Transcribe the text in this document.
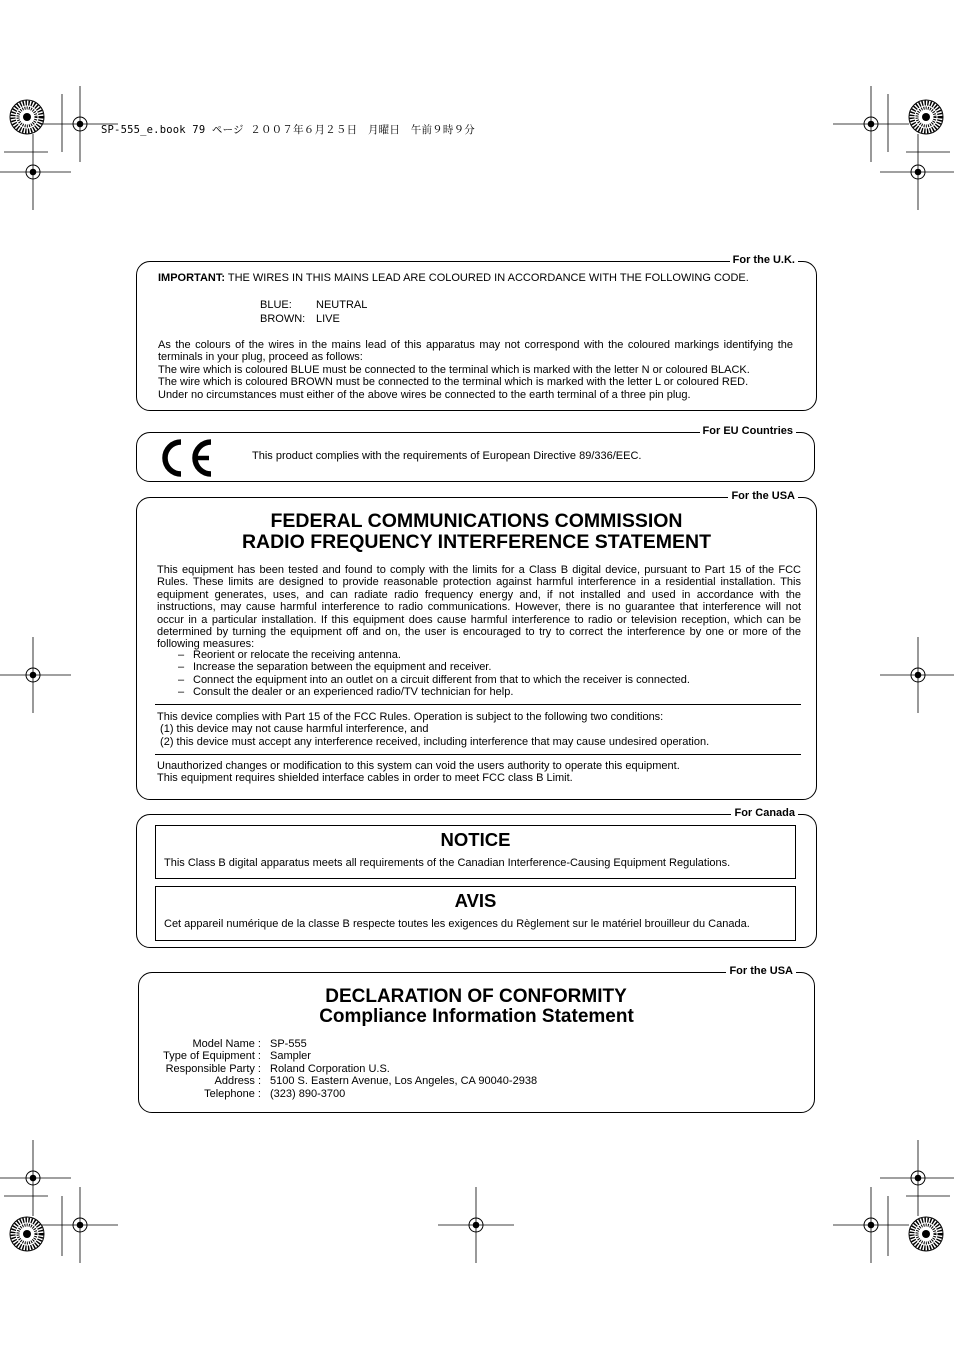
SP-555_e.book 79 ページ ２００７年６月２５日　月曜日　午前９時９分
For the U.K.
IMPORTANT: THE WIRES IN THIS MAINS LEAD ARE COLOURED IN ACCORDANCE WITH THE FOLLOWING CODE.
BLUE:	NEUTRAL
BROWN: LIVE
As the colours of the wires in the mains lead of this apparatus may not correspond with the coloured markings identifying the terminals in your plug, proceed as follows:
The wire which is coloured BLUE must be connected to the terminal which is marked with the letter N or coloured BLACK.
The wire which is coloured BROWN must be connected to the terminal which is marked with the letter L or coloured RED.
Under no circumstances must either of the above wires be connected to the earth terminal of a three pin plug.
For EU Countries
This product complies with the requirements of European Directive 89/336/EEC.
For the USA
FEDERAL COMMUNICATIONS COMMISSION
RADIO FREQUENCY INTERFERENCE STATEMENT
This equipment has been tested and found to comply with the limits for a Class B digital device, pursuant to Part 15 of the FCC Rules. These limits are designed to provide reasonable protection against harmful interference in a residential installation. This equipment generates, uses, and can radiate radio frequency energy and, if not installed and used in accordance with the instructions, may cause harmful interference to radio communications. However, there is no guarantee that interference will not occur in a particular installation. If this equipment does cause harmful interference to radio or television reception, which can be determined by turning the equipment off and on, the user is encouraged to try to correct the interference by one or more of the following measures:
– Reorient or relocate the receiving antenna.
– Increase the separation between the equipment and receiver.
– Connect the equipment into an outlet on a circuit different from that to which the receiver is connected.
– Consult the dealer or an experienced radio/TV technician for help.
This device complies with Part 15 of the FCC Rules. Operation is subject to the following two conditions:
(1) this device may not cause harmful interference, and
(2) this device must accept any interference received, including interference that may cause undesired operation.
Unauthorized changes or modification to this system can void the users authority to operate this equipment.
This equipment requires shielded interface cables in order to meet FCC class B Limit.
For Canada
NOTICE
This Class B digital apparatus meets all requirements of the Canadian Interference-Causing Equipment Regulations.
AVIS
Cet appareil numérique de la classe B respecte toutes les exigences du Règlement sur le matériel brouilleur du Canada.
For the USA
DECLARATION OF CONFORMITY
Compliance Information Statement
Model Name : SP-555
Type of Equipment : Sampler
Responsible Party : Roland Corporation U.S.
Address : 5100 S. Eastern Avenue, Los Angeles, CA 90040-2938
Telephone : (323) 890-3700
